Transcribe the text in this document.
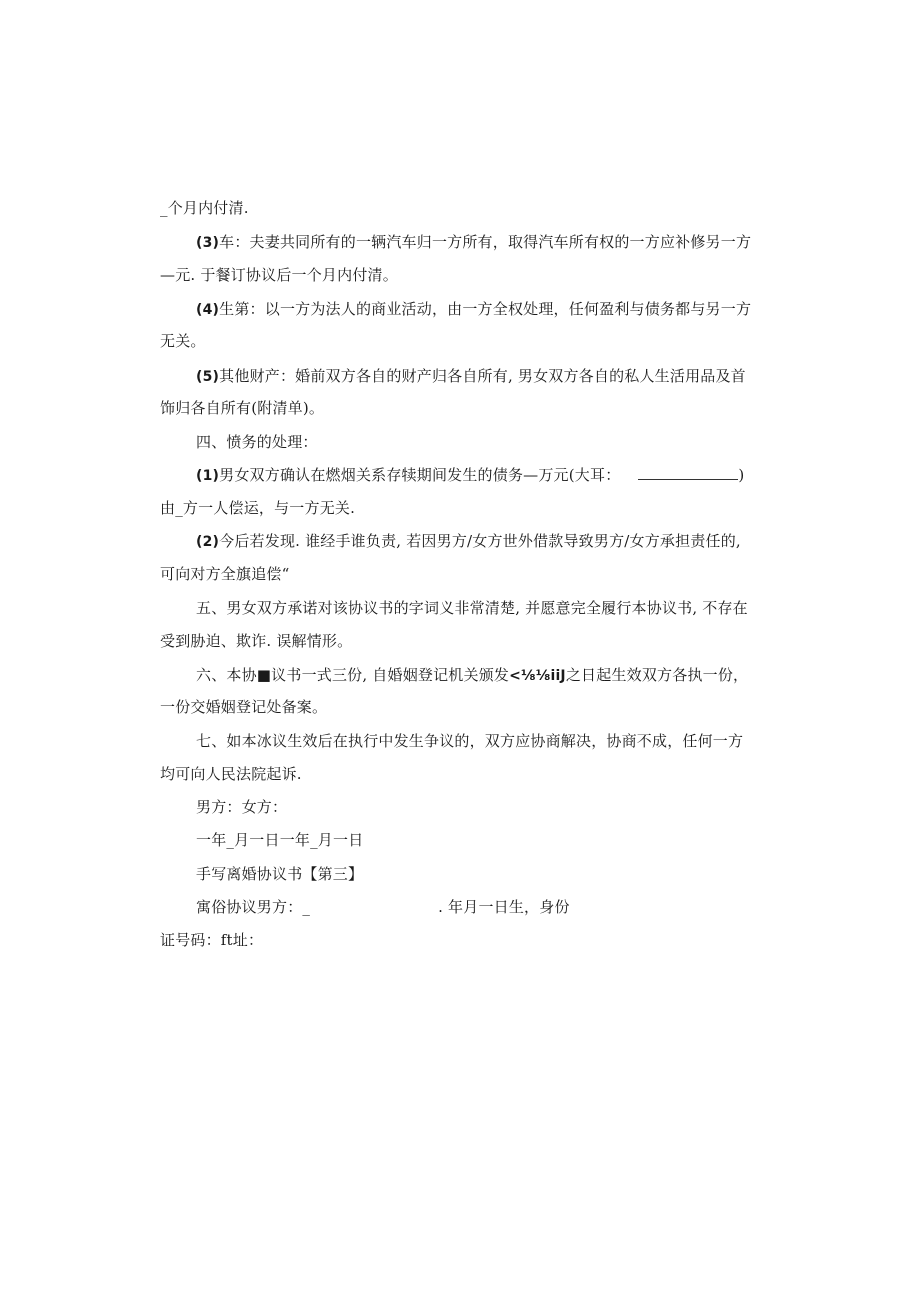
_个月内付清.
(3)车：夫妻共同所有的一辆汽车归一方所有，取得汽车所有权的一方应补修另一方
—元. 于餐订协议后一个月内付清。
(4)生第：以一方为法人的商业活动，由一方全权处理，任何盈利与债务都与另一方
无关。
(5)其他财产：婚前双方各自的财产归各自所有, 男女双方各自的私人生活用品及首
饰归各自所有(附清单)。
四、愤务的处理：
(1)男女双方确认在燃烟关系存犊期间发生的债务—万元(大耳：	)
由_方一人偿运，与一方无关.
(2)今后若发现. 谁经手谁负责, 若因男方/女方世外借款导致男方/女方承担责任的,
可向对方全旗追偿“
五、男女双方承诺对该协议书的字词义非常清楚, 并愿意完全履行本协议书, 不存在
受到胁迫、欺诈. 误解情形。
六、本协■议书一式三份, 自婚姻登记机关颁发<⅛⅛iiJ之日起生效双方各执一份，
一份交婚姻登记处备案。
七、如本冰议生效后在执行中发生争议的，双方应协商解决，协商不成，任何一方
均可向人民法院起诉.
男方：女方：
一年_月一日一年_月一日
手写离婚协议书【第三】
寓俗协议男方：_	. 年月一日生，身份
证号码：ft址：
